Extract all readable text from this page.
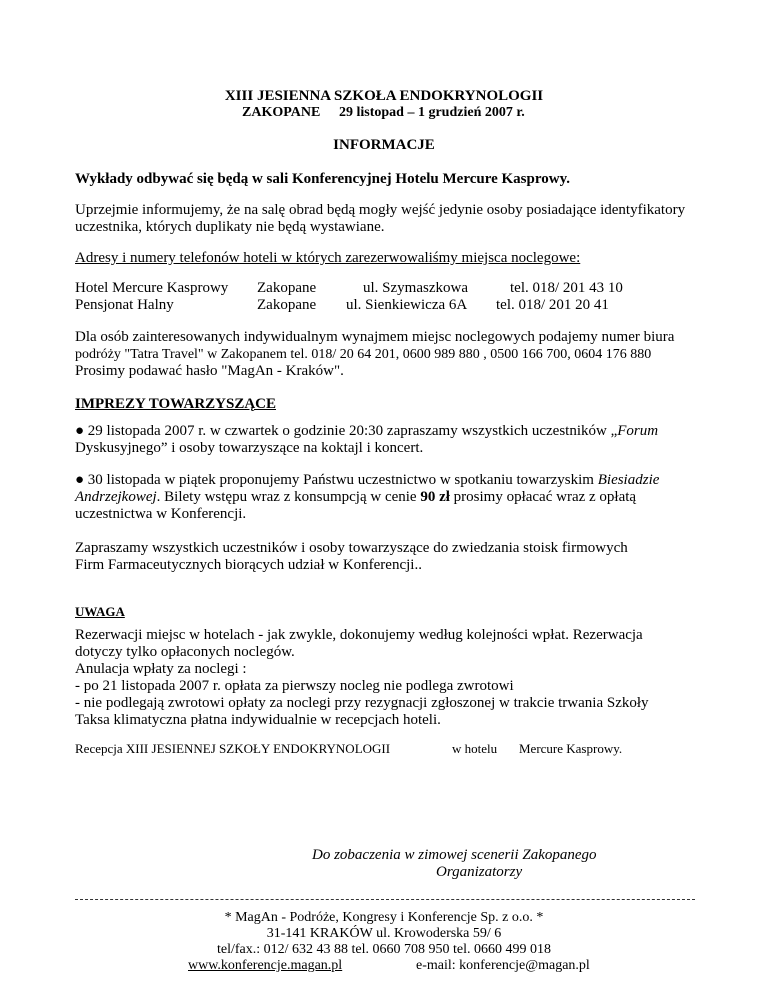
XIII JESIENNA SZKOŁA ENDOKRYNOLOGII
ZAKOPANE 29 listopad – 1 grudzień 2007 r.
INFORMACJE
Wykłady odbywać się będą w sali Konferencyjnej Hotelu Mercure Kasprowy.
Uprzejmie informujemy, że na salę obrad będą mogły wejść jedynie osoby posiadające identyfikatory
uczestnika, których duplikaty nie będą wystawiane.
Adresy i numery telefonów hoteli w których zarezerwowaliśmy miejsca noclegowe:
Hotel Mercure Kasprowy Zakopane	ul. Szymaszkowa	tel. 018/ 201 43 10
Pensjonat Halny	Zakopane ul. Sienkiewicza 6A tel. 018/ 201 20 41
Dla osób zainteresowanych indywidualnym wynajmem miejsc noclegowych podajemy numer biura
podróży "Tatra Travel" w Zakopanem tel. 018/ 20 64 201, 0600 989 880 , 0500 166 700, 0604 176 880
Prosimy podawać hasło "MagAn - Kraków".
IMPREZY TOWARZYSZĄCE
● 29 listopada 2007 r. w czwartek o godzinie 20:30 zapraszamy wszystkich uczestników „Forum
Dyskusyjnego” i osoby towarzyszące na koktajl i koncert.
● 30 listopada w piątek proponujemy Państwu uczestnictwo w spotkaniu towarzyskim Biesiadzie
Andrzejkowej. Bilety wstępu wraz z konsumpcją w cenie 90 zł prosimy opłacać wraz z opłatą
uczestnictwa w Konferencji.
Zapraszamy wszystkich uczestników i osoby towarzyszące do zwiedzania stoisk firmowych
Firm Farmaceutycznych biorących udział w Konferencji..
UWAGA
Rezerwacji miejsc w hotelach - jak zwykle, dokonujemy według kolejności wpłat. Rezerwacja
dotyczy tylko opłaconych noclegów.
Anulacja wpłaty za noclegi :
- po 21 listopada 2007 r. opłata za pierwszy nocleg nie podlega zwrotowi
- nie podlegają zwrotowi opłaty za noclegi przy rezygnacji zgłoszonej w trakcie trwania Szkoły
Taksa klimatyczna płatna indywidualnie w recepcjach hoteli.
Recepcja XIII JESIENNEJ SZKOŁY ENDOKRYNOLOGII	w hotelu Mercure Kasprowy.
Do zobaczenia w zimowej scenerii Zakopanego
Organizatorzy
* MagAn - Podróże, Kongresy i Konferencje Sp. z o.o. *
31-141 KRAKÓW ul. Krowoderska 59/ 6
tel/fax.: 012/ 632 43 88 tel. 0660 708 950 tel. 0660 499 018
www.konferencje.magan.pl	e-mail: konferencje@magan.pl
